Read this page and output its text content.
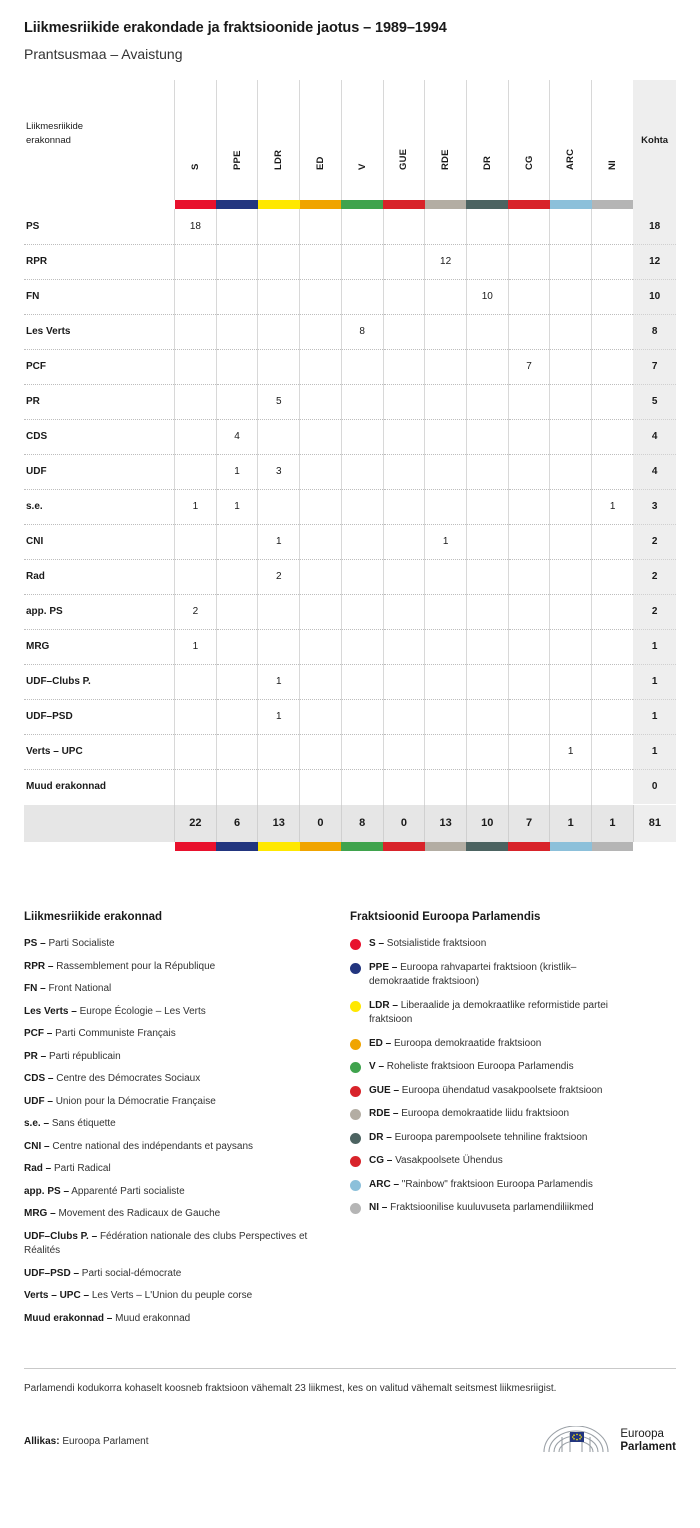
Liikmesriikide erakondade ja fraktsioonide jaotus – 1989–1994
Prantsusmaa – Avaistung
Liikmesriikide erakonnad	S	PPE	LDR	ED	V	GUE	RDE	DR	CG	ARC	NI	Kohta

PS	18											18
RPR							12					12
FN								10				10
Les Verts					8							8
PCF									7			7
PR			5									5
CDS		4										4
UDF		1	3									4
s.e.	1	1									1	3
CNI			1				1					2
Rad			2									2
app. PS	2											2
MRG	1											1
UDF–Clubs P.			1									1
UDF–PSD			1									1
Verts – UPC										1		1
Muud erakonnad												0
	22	6	13	0	8	0	13	10	7	1	1	81

Liikmesriikide erakonnad
PS – Parti Socialiste
RPR – Rassemblement pour la République
FN – Front National
Les Verts – Europe Écologie – Les Verts
PCF – Parti Communiste Français
PR – Parti républicain
CDS – Centre des Démocrates Sociaux
UDF – Union pour la Démocratie Française
s.e. – Sans étiquette
CNI – Centre national des indépendants et paysans
Rad – Parti Radical
app. PS – Apparenté Parti socialiste
MRG – Movement des Radicaux de Gauche
UDF–Clubs P. – Fédération nationale des clubs Perspectives et Réalités
UDF–PSD – Parti social-démocrate
Verts – UPC – Les Verts – L'Union du peuple corse
Muud erakonnad – Muud erakonnad
Fraktsioonid Euroopa Parlamendis
S – Sotsialistide fraktsioon
PPE – Euroopa rahvapartei fraktsioon (kristlik–demokraatide fraktsioon)
LDR – Liberaalide ja demokraatlike reformistide partei fraktsioon
ED – Euroopa demokraatide fraktsioon
V – Roheliste fraktsioon Euroopa Parlamendis
GUE – Euroopa ühendatud vasakpoolsete fraktsioon
RDE – Euroopa demokraatide liidu fraktsioon
DR – Euroopa parempoolsete tehniline fraktsioon
CG – Vasakpoolsete Ühendus
ARC – "Rainbow" fraktsioon Euroopa Parlamendis
NI – Fraktsioonilise kuuluvuseta parlamendiliikmed
Parlamendi kodukorra kohaselt koosneb fraktsioon vähemalt 23 liikmest, kes on valitud vähemalt seitsmest liikmesriigist.
Allikas: Euroopa Parlament
Euroopa
Parlament
